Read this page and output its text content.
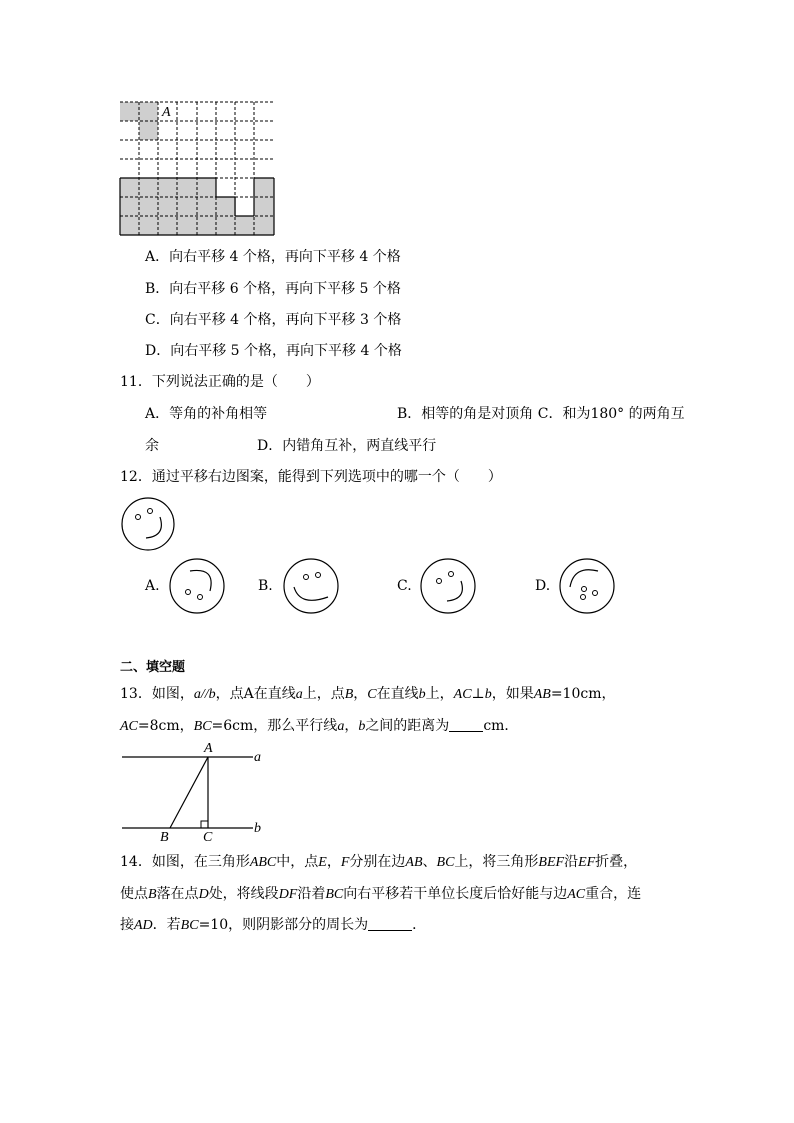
A
A．向右平移 4 个格，再向下平移 4 个格
B．向右平移 6 个格，再向下平移 5 个格
C．向右平移 4 个格，再向下平移 3 个格
D．向右平移 5 个格，再向下平移 4 个格
11．下列说法正确的是（　　）
A．等角的补角相等	B．相等的角是对顶角 C．和为180° 的两角互
余	D．内错角互补，两直线平行
12．通过平移右边图案，能得到下列选项中的哪一个（　　）
A.	B.	C.	D.
二、填空题
13．如图，a//b，点A在直线a上，点B，C在直线b上，AC⊥b，如果AB=10cm，
AC=8cm，BC=6cm，那么平行线a，b之间的距离为 cm．
A
B C
a
b
14．如图，在三角形ABC中，点E，F分别在边AB、BC上，将三角形BEF沿EF折叠，
使点B落在点D处，将线段DF沿着BC向右平移若干单位长度后恰好能与边AC重合，连
接AD．若BC=10，则阴影部分的周长为	．
